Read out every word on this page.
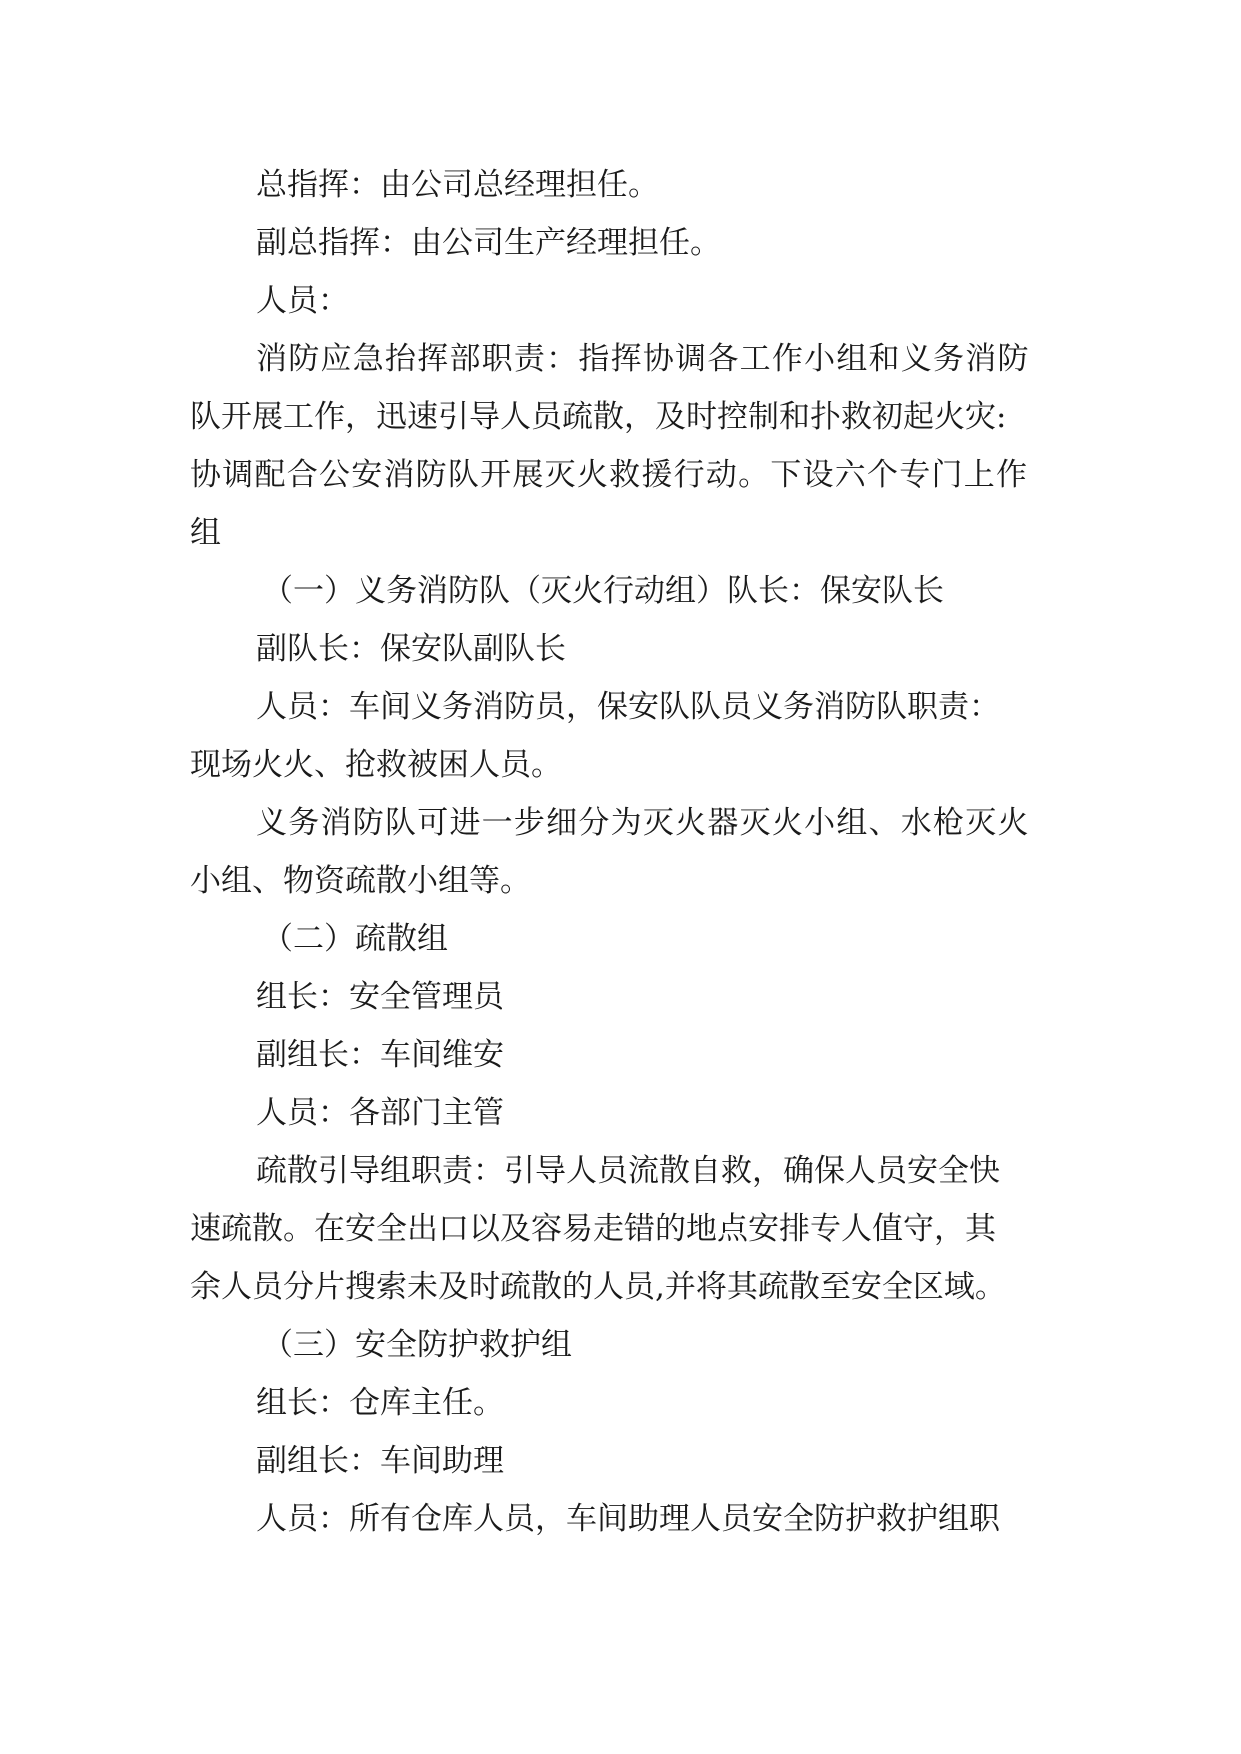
总指挥：由公司总经理担任。
副总指挥：由公司生产经理担任。
人员：
消防应急抬挥部职责：指挥协调各工作小组和义务消防
队开展工作，迅速引导人员疏散，及时控制和扑救初起火灾:
协调配合公安消防队开展灭火救援行动。下设六个专门上作
组
（一）义务消防队（灭火行动组）队长：保安队长
副队长：保安队副队长
人员：车间义务消防员，保安队队员义务消防队职责：
现场火火、抢救被困人员。
义务消防队可进一步细分为灭火器灭火小组、水枪灭火
小组、物资疏散小组等。
（二）疏散组
组长：安全管理员
副组长：车间维安
人员：各部门主管
疏散引导组职责：引导人员流散自救，确保人员安全快
速疏散。在安全出口以及容易走错的地点安排专人值守，其
余人员分片搜索未及时疏散的人员,并将其疏散至安全区域。
（三）安全防护救护组
组长：仓库主任。
副组长：车间助理
人员：所有仓库人员，车间助理人员安全防护救护组职
